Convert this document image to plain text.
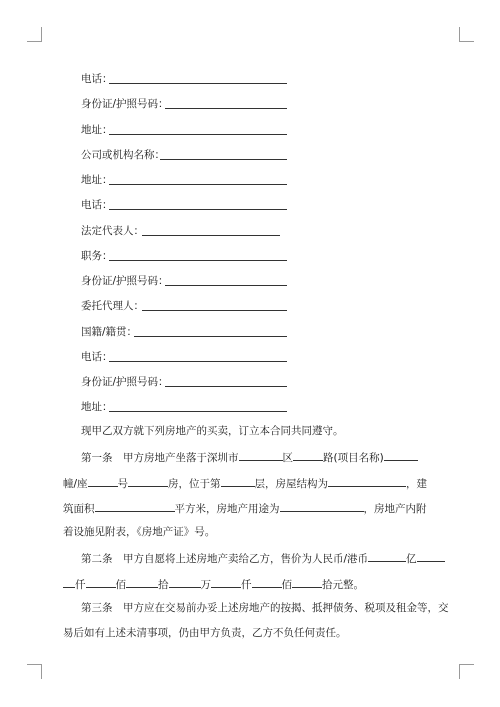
电话：
身份证/护照号码：
地址：
公司或机构名称：
地址：
电话：
法定代表人：
职务：
身份证/护照号码：
委托代理人：
国籍/籍贯：
电话：
身份证/护照号码：
地址：
现甲乙双方就下列房地产的买卖，订立本合同共同遵守。
第一条　甲方房地产坐落于深圳市	区	路(项目名称)
幢/座	号	房，位于第	层，房屋结构为	，建
筑面积	平方米，房地产用途为	，房地产内附
着设施见附表，《房地产证》号。
第二条　甲方自愿将上述房地产卖给乙方，售价为人民币/港币	亿
仟	佰	拾	万	仟	佰	拾元整。
第三条　甲方应在交易前办妥上述房地产的按揭、抵押债务、税项及租金等，交
易后如有上述未清事项，仍由甲方负责，乙方不负任何责任。
